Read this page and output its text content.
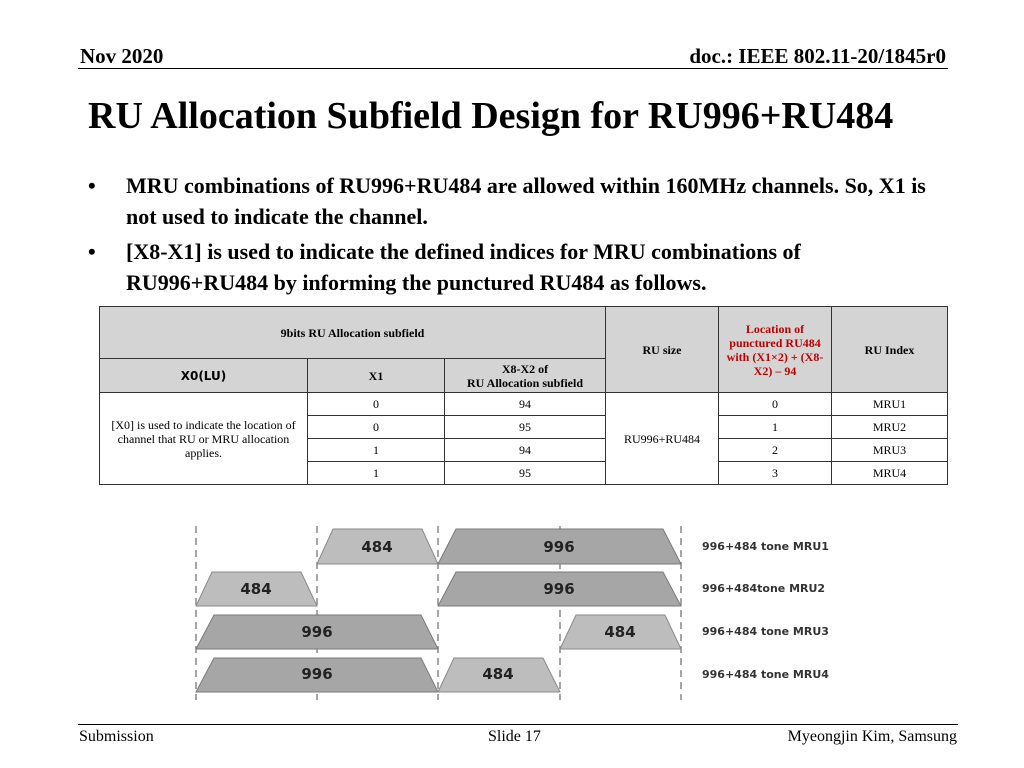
Nov 2020	doc.: IEEE 802.11-20/1845r0
RU Allocation Subfield Design for RU996+RU484
• MRU combinations of RU996+RU484 are allowed within 160MHz channels. So, X1 is not used to indicate the channel.
• [X8-X1] is used to indicate the defined indices for MRU combinations of RU996+RU484 by informing the punctured RU484 as follows.
9bits RU Allocation subfield			RU size	Location of punctured RU484 with (X1×2) + (X8-X2) – 94	RU Index
X0(LU)	X1	X8-X2 of
RU Allocation subfield			
[X0] is used to indicate the location of channel that RU or MRU allocation applies.	0	94	RU996+RU484	0	MRU1
	0	95		1	MRU2
	1	94		2	MRU3
	1	95		3	MRU4
484	996	996+484 tone MRU1
484	996	996+484tone MRU2
996	484	996+484 tone MRU3
996	484	996+484 tone MRU4
Submission	Slide 17	Myeongjin Kim, Samsung
